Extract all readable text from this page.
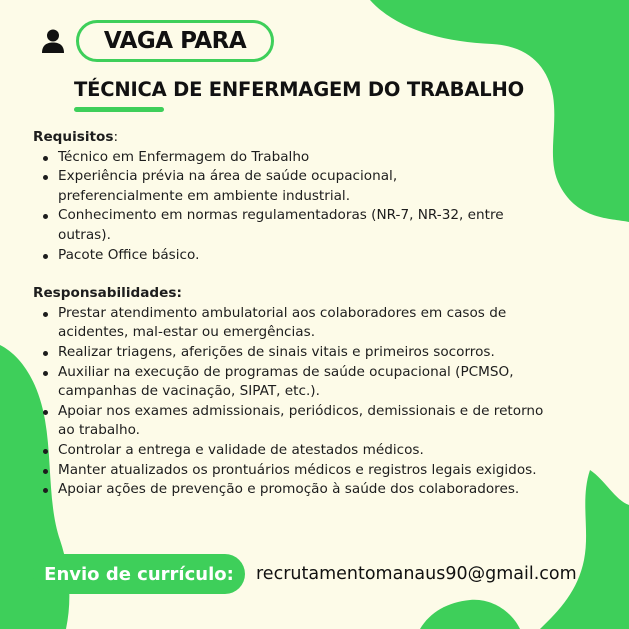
VAGA PARA
TÉCNICA DE ENFERMAGEM DO TRABALHO
Requisitos:
Técnico em Enfermagem do Trabalho
Experiência prévia na área de saúde ocupacional,
preferencialmente em ambiente industrial.
Conhecimento em normas regulamentadoras (NR-7, NR-32, entre
outras).
Pacote Office básico.
Responsabilidades:
Prestar atendimento ambulatorial aos colaboradores em casos de
acidentes, mal-estar ou emergências.
Realizar triagens, aferições de sinais vitais e primeiros socorros.
Auxiliar na execução de programas de saúde ocupacional (PCMSO,
campanhas de vacinação, SIPAT, etc.).
Apoiar nos exames admissionais, periódicos, demissionais e de retorno
ao trabalho.
Controlar a entrega e validade de atestados médicos.
Manter atualizados os prontuários médicos e registros legais exigidos.
Apoiar ações de prevenção e promoção à saúde dos colaboradores.
Envio de currículo: recrutamentomanaus90@gmail.com
